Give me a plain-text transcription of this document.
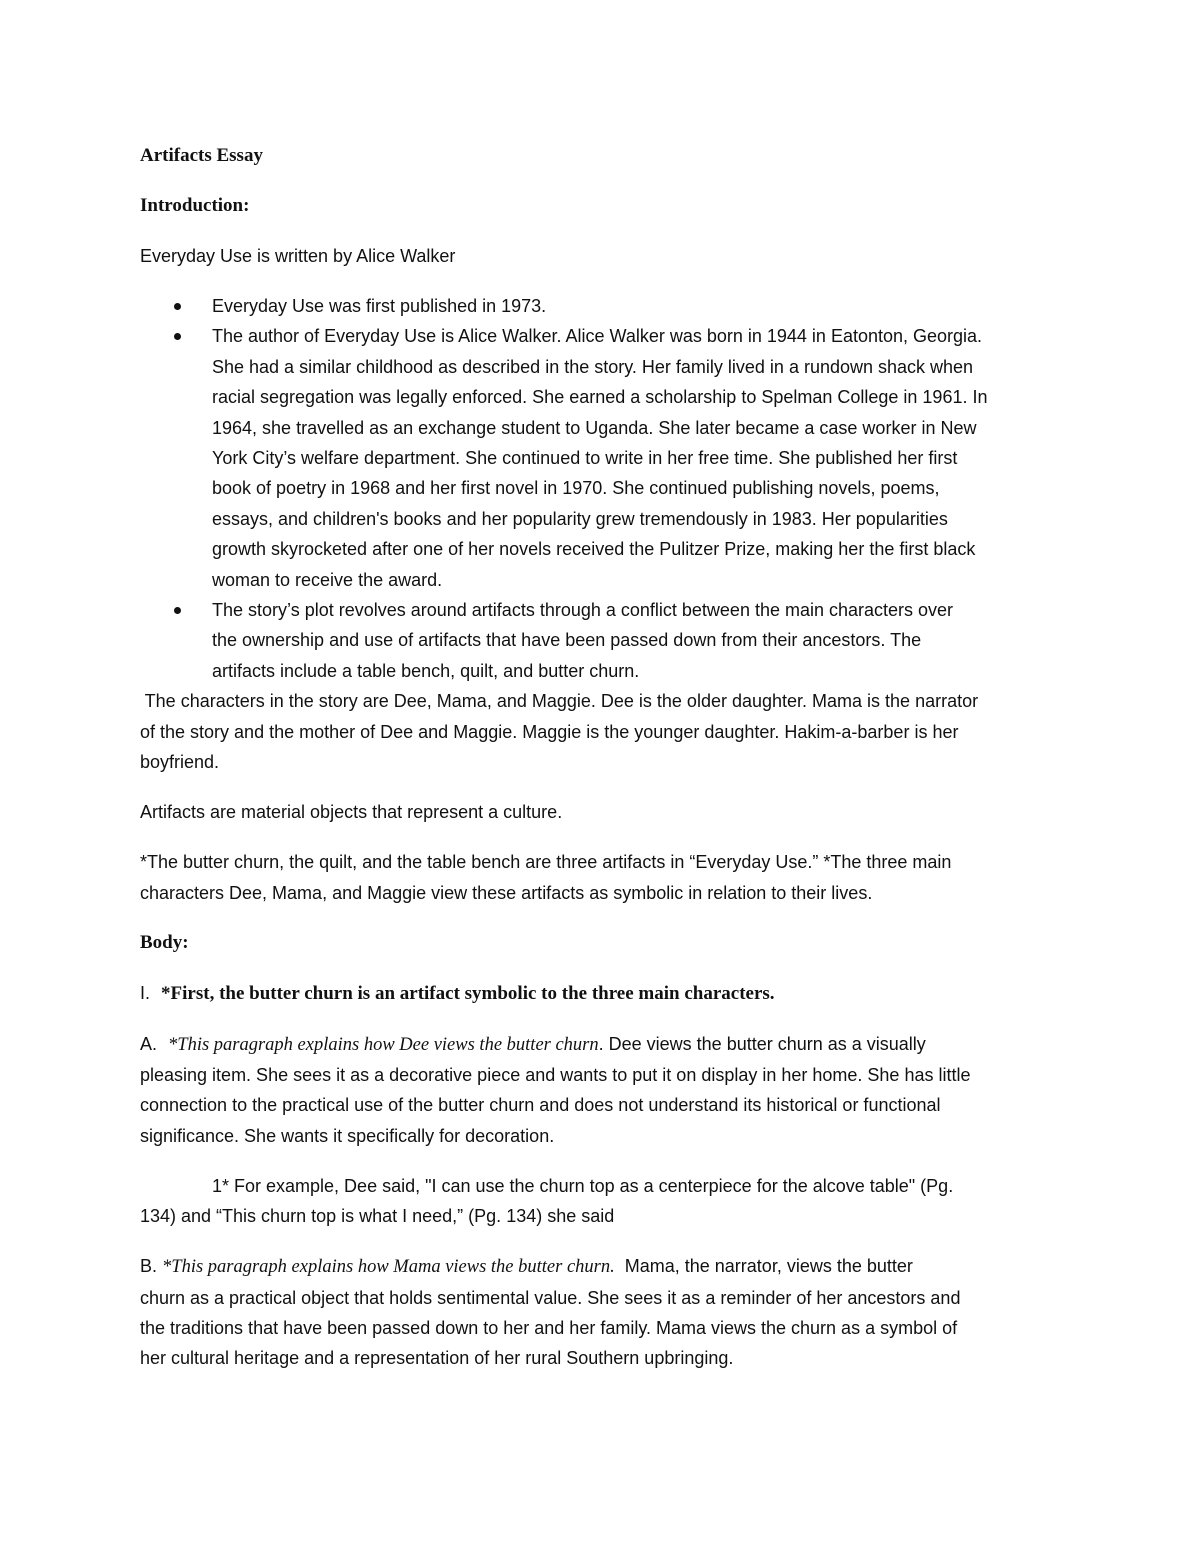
Artifacts Essay
Introduction:
Everyday Use is written by Alice Walker
Everyday Use was first published in 1973.
The author of Everyday Use is Alice Walker. Alice Walker was born in 1944 in Eatonton, Georgia.
She had a similar childhood as described in the story. Her family lived in a rundown shack when
racial segregation was legally enforced. She earned a scholarship to Spelman College in 1961. In
1964, she travelled as an exchange student to Uganda. She later became a case worker in New
York City’s welfare department. She continued to write in her free time. She published her first
book of poetry in 1968 and her first novel in 1970. She continued publishing novels, poems,
essays, and children's books and her popularity grew tremendously in 1983. Her popularities
growth skyrocketed after one of her novels received the Pulitzer Prize, making her the first black
woman to receive the award.
The story’s plot revolves around artifacts through a conflict between the main characters over
the ownership and use of artifacts that have been passed down from their ancestors. The
artifacts include a table bench, quilt, and butter churn.
The characters in the story are Dee, Mama, and Maggie. Dee is the older daughter. Mama is the narrator
of the story and the mother of Dee and Maggie. Maggie is the younger daughter. Hakim-a-barber is her
boyfriend.
Artifacts are material objects that represent a culture.
*The butter churn, the quilt, and the table bench are three artifacts in “Everyday Use.” *The three main
characters Dee, Mama, and Maggie view these artifacts as symbolic in relation to their lives.
Body:
I. *First, the butter churn is an artifact symbolic to the three main characters.
A. *This paragraph explains how Dee views the butter churn. Dee views the butter churn as a visually
pleasing item. She sees it as a decorative piece and wants to put it on display in her home. She has little
connection to the practical use of the butter churn and does not understand its historical or functional
significance. She wants it specifically for decoration.
1* For example, Dee said, "I can use the churn top as a centerpiece for the alcove table" (Pg.
134) and “This churn top is what I need,” (Pg. 134) she said
B. *This paragraph explains how Mama views the butter churn.  Mama, the narrator, views the butter
churn as a practical object that holds sentimental value. She sees it as a reminder of her ancestors and
the traditions that have been passed down to her and her family. Mama views the churn as a symbol of
her cultural heritage and a representation of her rural Southern upbringing.
